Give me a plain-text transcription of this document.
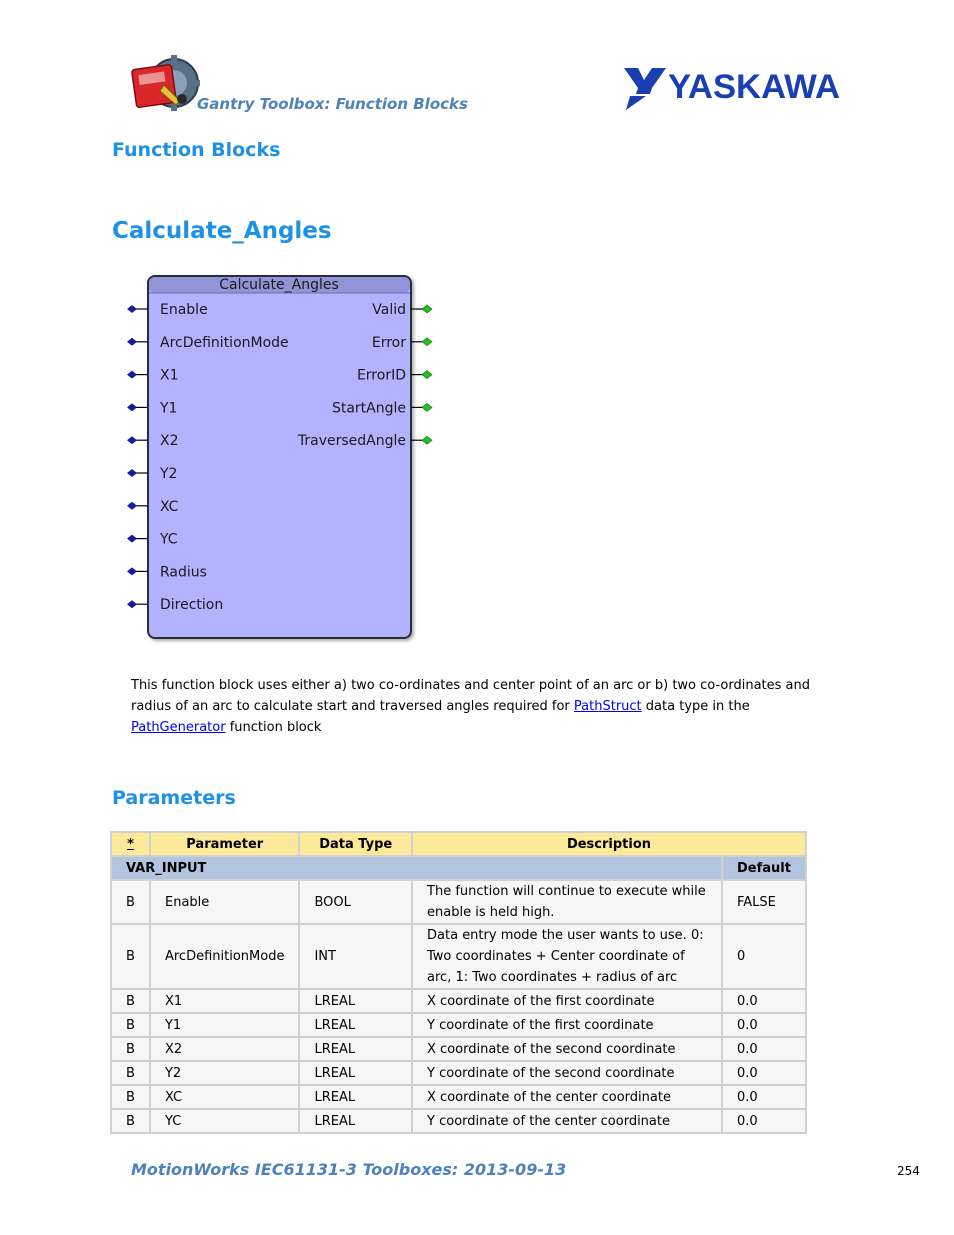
Gantry Toolbox: Function Blocks	YASKAWA
Function Blocks
Calculate_Angles
Calculate_Angles
Enable
ArcDefinitionMode
X1
Y1
X2
Y2
XC
YC
Radius
Direction
Valid
Error
ErrorID
StartAngle
TraversedAngle
This function block uses either a) two co-ordinates and center point of an arc or b) two co-ordinates and radius of an arc to calculate start and traversed angles required for PathStruct data type in the PathGenerator function block
Parameters
*	Parameter	Data Type	Description	
VAR_INPUT				Default
B	Enable	BOOL	The function will continue to execute while enable is held high.	FALSE
B	ArcDefinitionMode	INT	Data entry mode the user wants to use. 0: Two coordinates + Center coordinate of arc, 1: Two coordinates + radius of arc	0
B	X1	LREAL	X coordinate of the first coordinate	0.0
B	Y1	LREAL	Y coordinate of the first coordinate	0.0
B	X2	LREAL	X coordinate of the second coordinate	0.0
B	Y2	LREAL	Y coordinate of the second coordinate	0.0
B	XC	LREAL	X coordinate of the center coordinate	0.0
B	YC	LREAL	Y coordinate of the center coordinate	0.0
MotionWorks IEC61131-3 Toolboxes: 2013-09-13	254
